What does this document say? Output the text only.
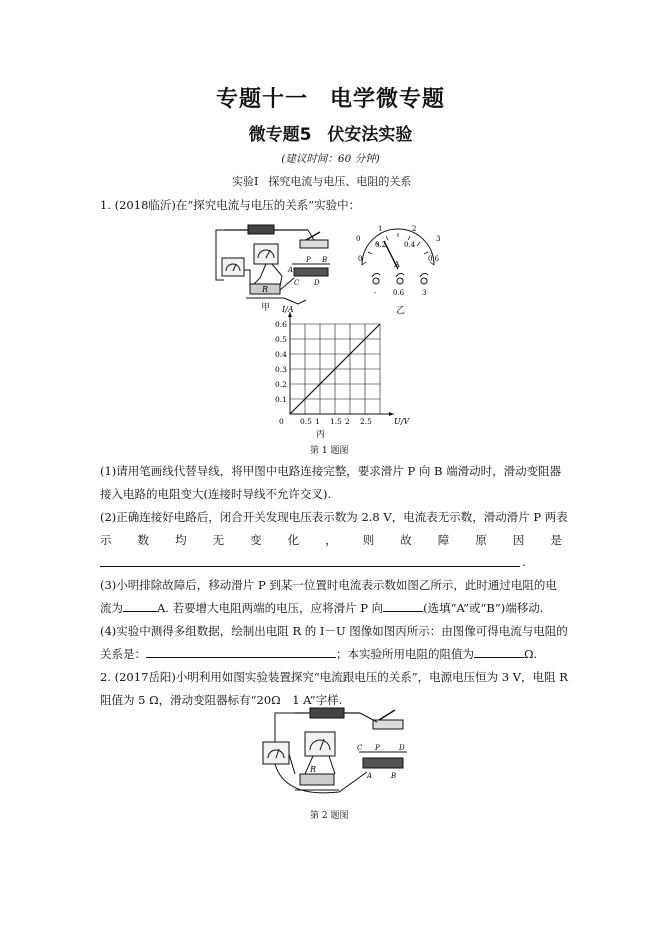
专题十一 电学微专题
微专题5 伏安法实验
(建议时间：60 分钟)
实验Ⅰ 探究电流与电压、电阻的关系
1. (2018临沂)在“探究电流与电压的关系”实验中：
R
A
P B
C D
甲
0
1	2
3
0
0.2	0.4
0.6
A
- 0.6	3
乙
0 0.5 1 1.5 2 2.5
0.1
0.2
0.3
0.4
0.5
0.6
I/A
U/V
丙
第 1 题图
(1)请用笔画线代替导线，将甲图中电路连接完整，要求滑片 P 向 B 端滑动时，滑动变阻器
接入电路的电阻变大(连接时导线不允许交叉).
(2)正确连接好电路后，闭合开关发现电压表示数为 2.8 V，电流表无示数，滑动滑片 P 两表
示 数 均 无 变 化 ， 则 故 障 原 因 是
.
(3)小明排除故障后，移动滑片 P 到某一位置时电流表示数如图乙所示，此时通过电阻的电
流为	A. 若要增大电阻两端的电压，应将滑片 P 向	(选填“A”或“B”)端移动.
(4)实验中测得多组数据，绘制出电阻 R 的 I－U 图像如图丙所示：由图像可得电流与电阻的
关系是：	；本实验所用电阻的阻值为	Ω.
2. (2017岳阳)小明利用如图实验装置探究“电流跟电压的关系”，电源电压恒为 3 V，电阻 R
阻值为 5 Ω，滑动变阻器标有“20Ω　1 A”字样.
R
C P	D
A	B
第 2 题图
